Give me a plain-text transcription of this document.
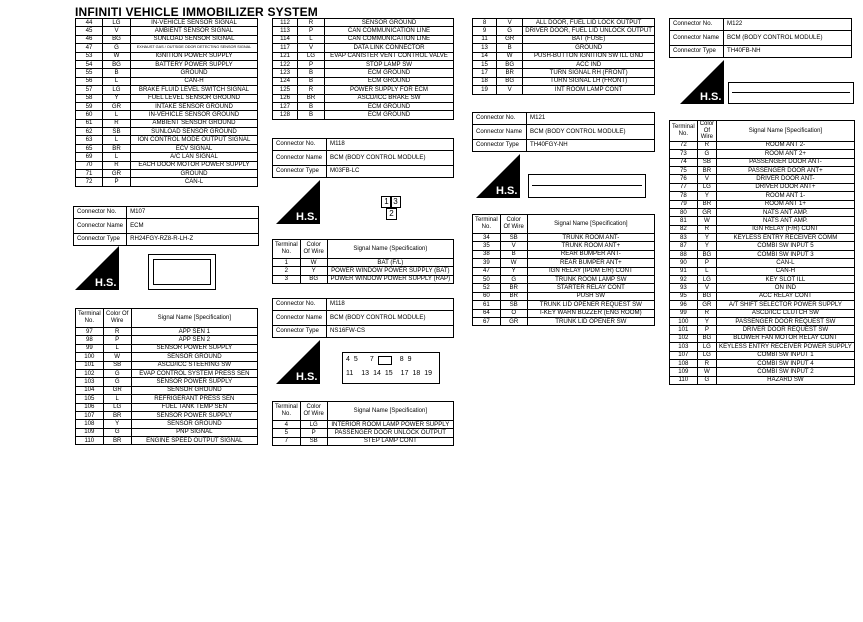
INFINITI VEHICLE IMMOBILIZER SYSTEM
44	LG	IN-VEHICLE SENSOR SIGNAL
45	V	AMBIENT SENSOR SIGNAL
46	BG	SUNLOAD SENSOR SIGNAL
47	G	EXHAUST GAS / OUTSIDE ODOR DETECTING SENSOR SIGNAL
53	W	IGNITION POWER SUPPLY
54	BG	BATTERY POWER SUPPLY
55	B	GROUND
56	L	CAN-H
57	LG	BRAKE FLUID LEVEL SWITCH SIGNAL
58	Y	FUEL LEVEL SENSOR GROUND
59	GR	INTAKE SENSOR GROUND
60	L	IN-VEHICLE SENSOR GROUND
61	R	AMBIENT SENSOR GROUND
62	SB	SUNLOAD SENSOR GROUND
63	L	ION CONTROL MODE OUTPUT SIGNAL
65	BR	ECV SIGNAL
69	L	A/C LAN SIGNAL
70	R	EACH DOOR MOTOR POWER SUPPLY
71	GR	GROUND
72	P	CAN-L
Connector No.	M107
Connector Name	ECM
Connector Type	RH24FGY-RZ8-R-LH-Z
H.S.
Terminal No.	Color Of Wire	Signal Name [Specification]
97	R	APP SEN 1
98	P	APP SEN 2
99	L	SENSOR POWER SUPPLY
100	W	SENSOR GROUND
101	SB	ASCD/ICC STEERING SW
102	G	EVAP CONTROL SYSTEM PRESS SEN
103	G	SENSOR POWER SUPPLY
104	GR	SENSOR GROUND
105	L	REFRIGERANT PRESS SEN
106	LG	FUEL TANK TEMP SEN
107	BR	SENSOR POWER SUPPLY
108	Y	SENSOR GROUND
109	G	PNP SIGNAL
110	BR	ENGINE SPEED OUTPUT SIGNAL
112	R	SENSOR GROUND
113	P	CAN COMMUNICATION LINE
114	L	CAN COMMUNICATION LINE
117	V	DATA LINK CONNECTOR
121	LG	EVAP CANISTER VENT CONTROL VALVE
122	P	STOP LAMP SW
123	B	ECM GROUND
124	B	ECM GROUND
125	R	POWER SUPPLY FOR ECM
126	BR	ASCD/ICC BRAKE SW
127	B	ECM GROUND
128	B	ECM GROUND
Connector No.	M118
Connector Name	BCM (BODY CONTROL MODULE)
Connector Type	M03FB-LC
H.S.
1 3
2
Terminal No.	Color Of Wire	Signal Name (Specification)
1	W	BAT (F/L)
2	Y	POWER WINDOW POWER SUPPLY (BAT)
3	BG	POWER WINDOW POWER SUPPLY (RAP)
Connector No.	M118
Connector Name	BCM (BODY CONTROL MODULE)
Connector Type	NS16FW-CS
H.S.
4 5 7	8 9
11 13 14 15 17 18 19
Terminal No.	Color Of Wire	Signal Name [Specification]
4	LG	INTERIOR ROOM LAMP POWER SUPPLY
5	P	PASSENGER DOOR UNLOCK OUTPUT
7	SB	STEP LAMP CONT
8	V	ALL DOOR, FUEL LID LOCK OUTPUT
9	G	DRIVER DOOR, FUEL LID UNLOCK OUTPUT
11	GR	BAT (FUSE)
13	B	GROUND
14	W	PUSH-BUTTON IGNITION SW ILL GND
15	BG	ACC IND
17	BR	TURN SIGNAL RH (FRONT)
18	BG	TURN SIGNAL LH (FRONT)
19	V	INT ROOM LAMP CONT
Connector No.	M121
Connector Name	BCM (BODY CONTROL MODULE)
Connector Type	TH40FGY-NH
H.S.
Terminal No.	Color Of Wire	Signal Name [Specification]
34	SB	TRUNK ROOM ANT-
35	V	TRUNK ROOM ANT+
38	B	REAR BUMPER ANT-
39	W	REAR BUMPER ANT+
47	Y	IGN RELAY (IPDM E/R) CONT
50	G	TRUNK ROOM LAMP SW
52	BR	STARTER RELAY CONT
60	BR	PUSH SW
61	SB	TRUNK LID OPENER REQUEST SW
64	O	I-KEY WARN BUZZER (ENG ROOM)
67	GR	TRUNK LID OPENER SW
Connector No.	M122
Connector Name	BCM (BODY CONTROL MODULE)
Connector Type	TH40FB-NH
H.S.
Terminal No.	Color Of Wire	Signal Name [Specification]
72	R	ROOM ANT 2-
73	G	ROOM ANT 2+
74	SB	PASSENGER DOOR ANT-
75	BR	PASSENGER DOOR ANT+
76	V	DRIVER DOOR ANT-
77	LG	DRIVER DOOR ANT+
78	Y	ROOM ANT 1-
79	BR	ROOM ANT 1+
80	GR	NATS ANT AMP.
81	W	NATS ANT AMP.
82	R	IGN RELAY (F/R) CONT
83	Y	KEYLESS ENTRY RECEIVER COMM
87	Y	COMBI SW INPUT 5
88	BG	COMBI SW INPUT 3
90	P	CAN-L
91	L	CAN-H
92	LG	KEY SLOT ILL
93	V	ON IND
95	BG	ACC RELAY CONT
96	GR	A/T SHIFT SELECTOR POWER SUPPLY
99	R	ASCD/ICC CLUTCH SW
100	Y	PASSENGER DOOR REQUEST SW
101	P	DRIVER DOOR REQUEST SW
102	BG	BLOWER FAN MOTOR RELAY CONT
103	LG	KEYLESS ENTRY RECEIVER POWER SUPPLY
107	LG	COMBI SW INPUT 1
108	R	COMBI SW INPUT 4
109	W	COMBI SW INPUT 2
110	G	HAZARD SW
